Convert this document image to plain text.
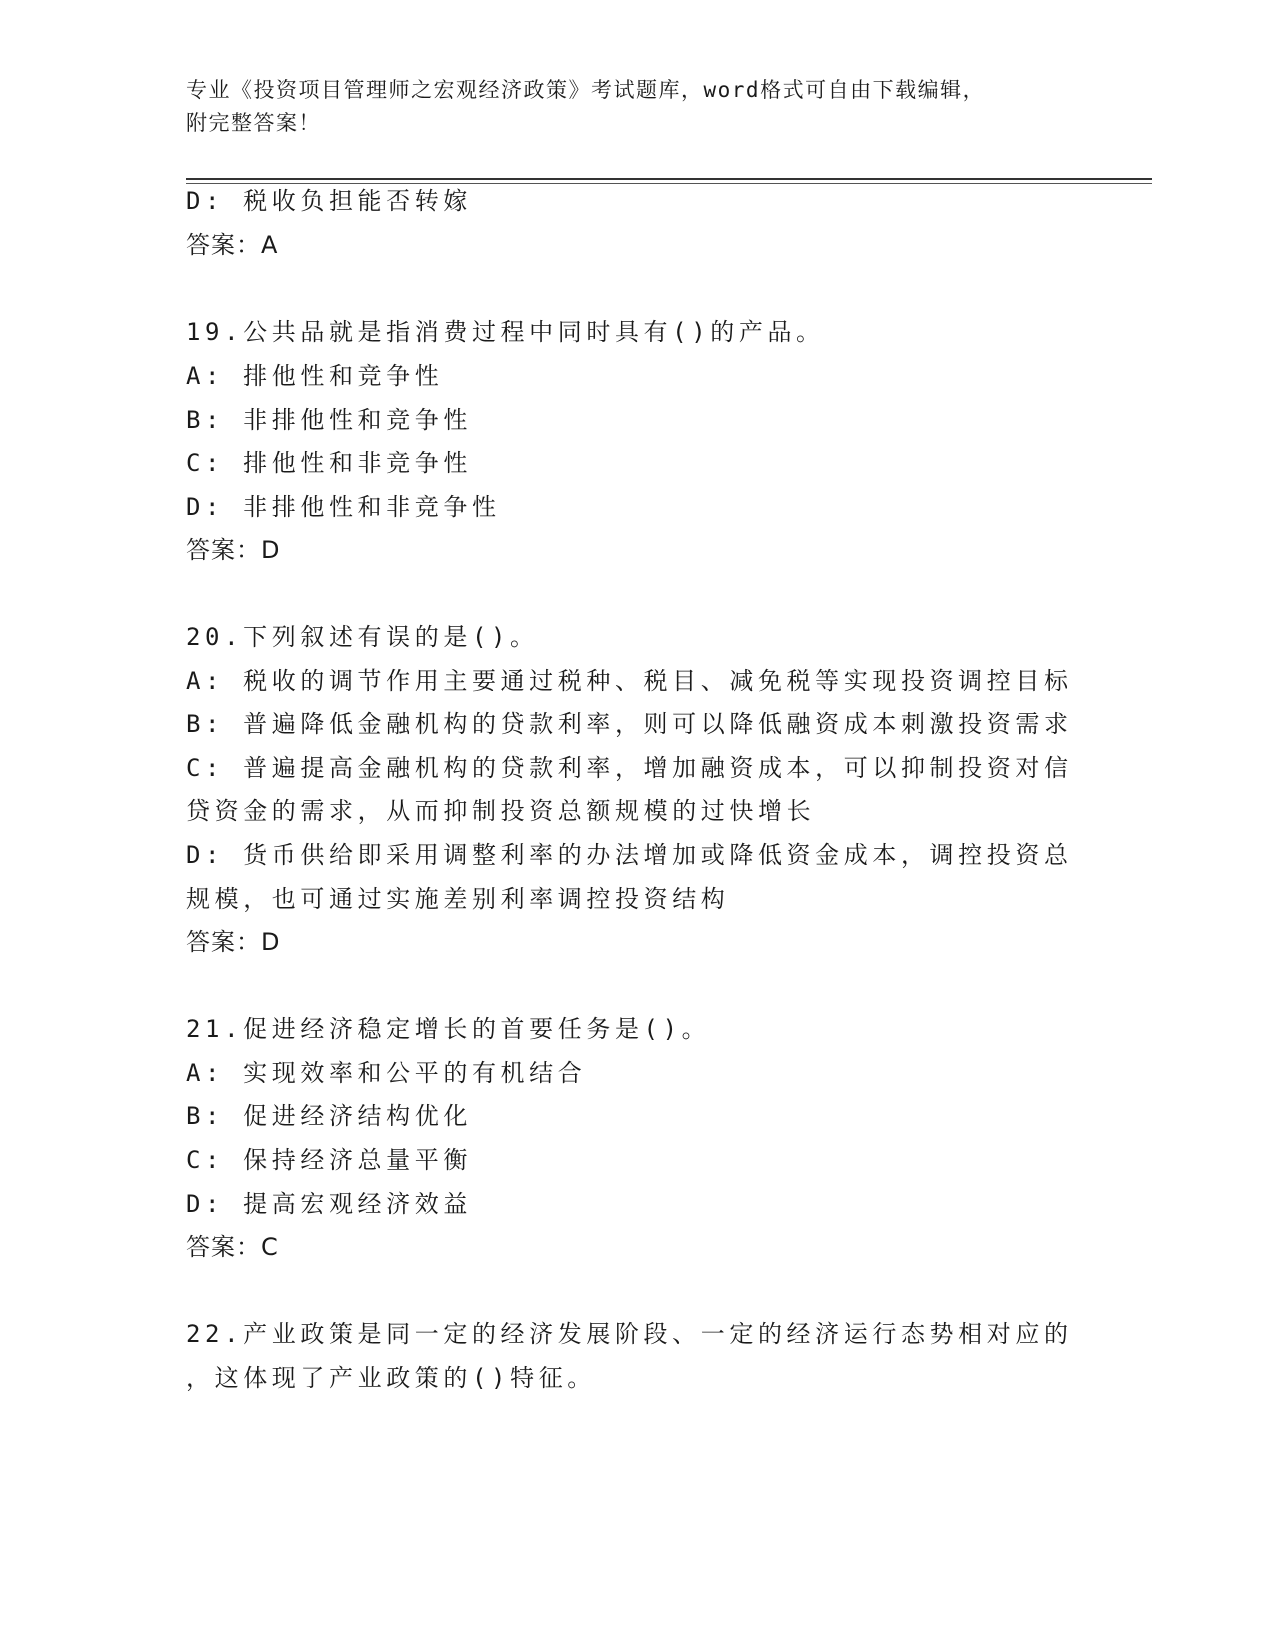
专业《投资项目管理师之宏观经济政策》考试题库，word格式可自由下载编辑，
附完整答案！
D: 税收负担能否转嫁
答案：A
19.公共品就是指消费过程中同时具有()的产品。
A: 排他性和竞争性
B: 非排他性和竞争性
C: 排他性和非竞争性
D: 非排他性和非竞争性
答案：D
20.下列叙述有误的是()。
A: 税收的调节作用主要通过税种、税目、减免税等实现投资调控目标
B: 普遍降低金融机构的贷款利率，则可以降低融资成本刺激投资需求
C: 普遍提高金融机构的贷款利率，增加融资成本，可以抑制投资对信
贷资金的需求，从而抑制投资总额规模的过快增长
D: 货币供给即采用调整利率的办法增加或降低资金成本，调控投资总
规模，也可通过实施差别利率调控投资结构
答案：D
21.促进经济稳定增长的首要任务是()。
A: 实现效率和公平的有机结合
B: 促进经济结构优化
C: 保持经济总量平衡
D: 提高宏观经济效益
答案：C
22.产业政策是同一定的经济发展阶段、一定的经济运行态势相对应的
，这体现了产业政策的()特征。
